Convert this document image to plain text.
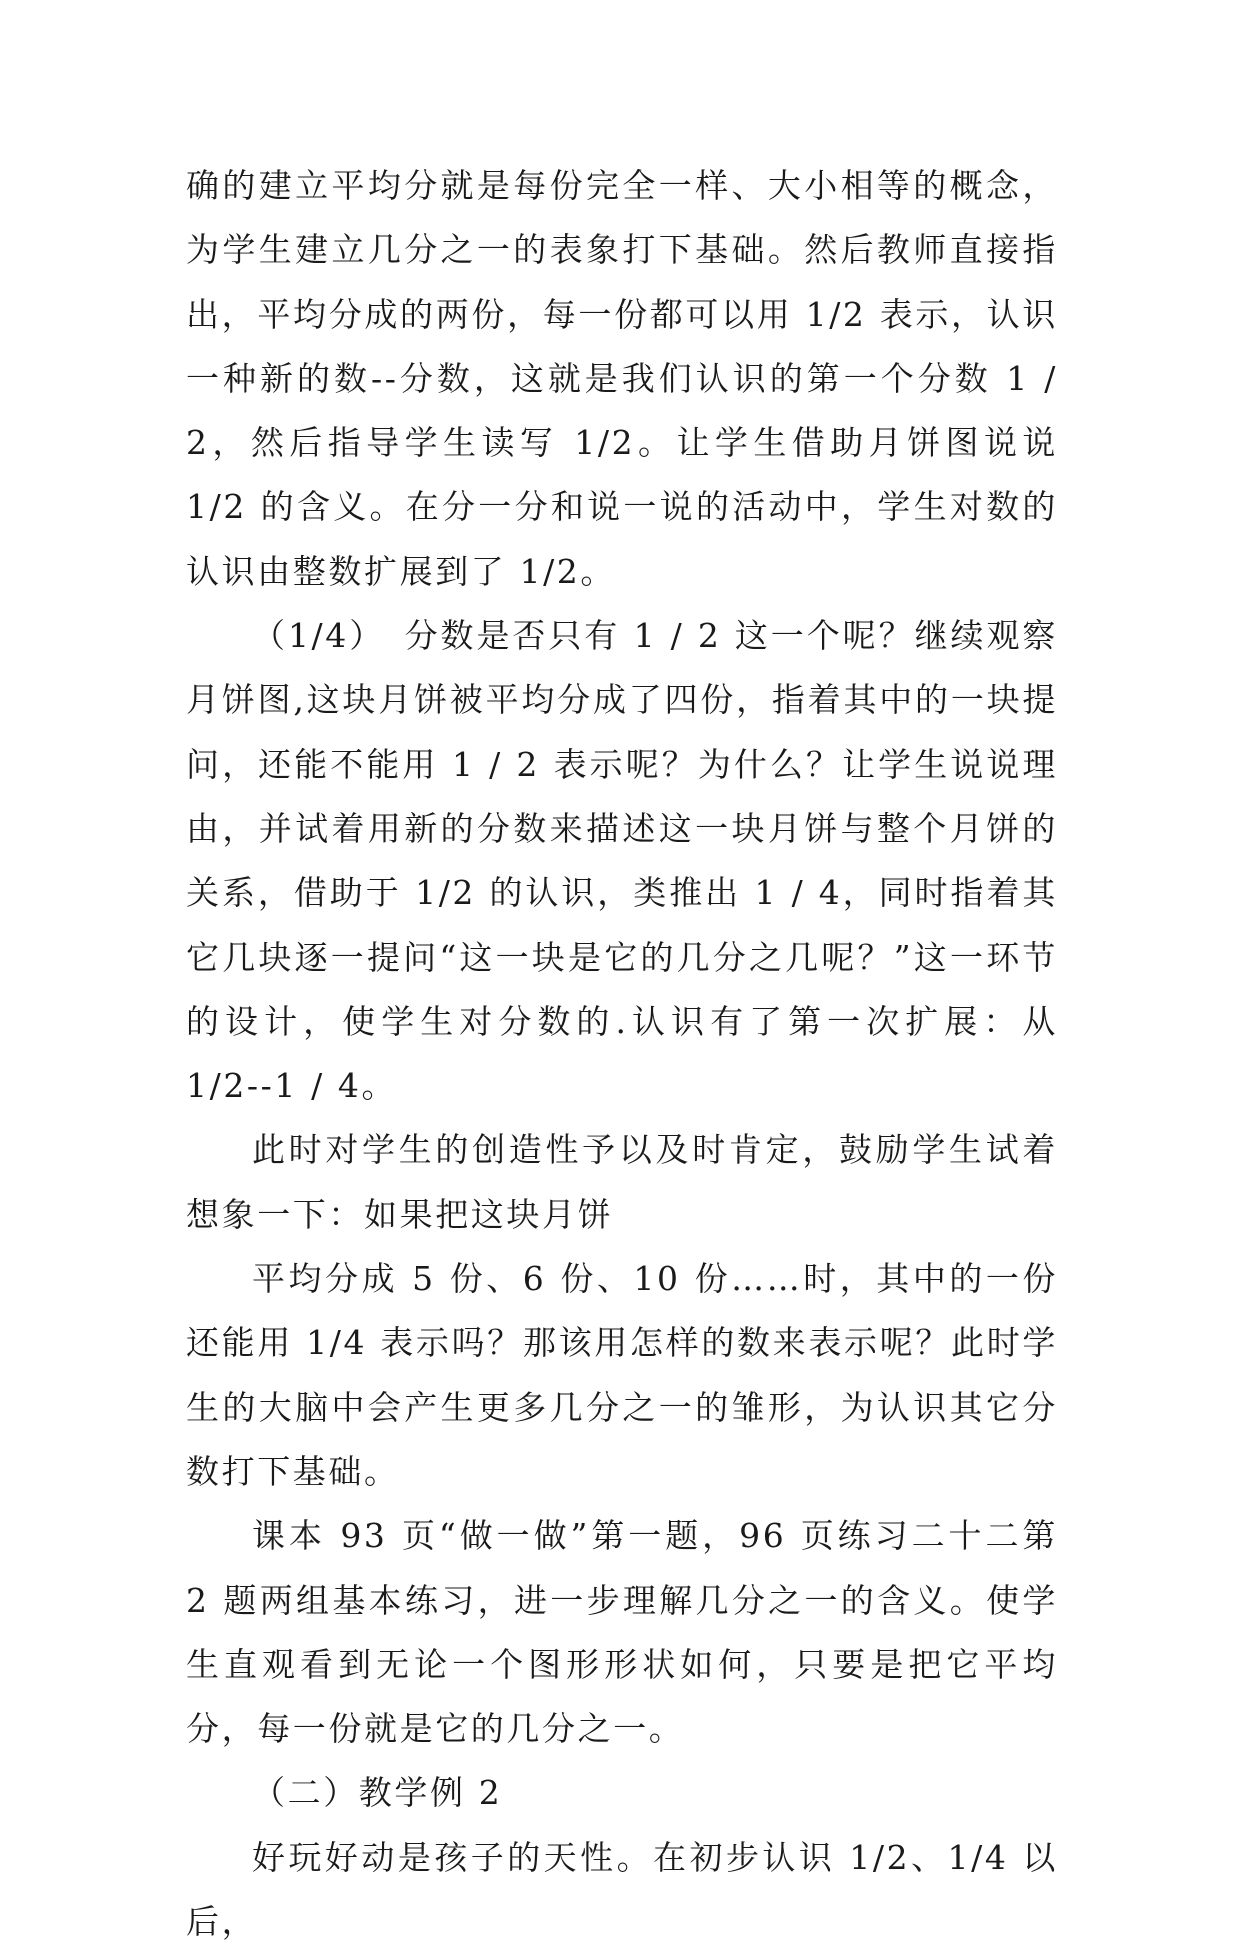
确的建立平均分就是每份完全一样、大小相等的概念，为学生建立几分之一的表象打下基础。然后教师直接指出，平均分成的两份，每一份都可以用 1/2 表示，认识一种新的数--分数，这就是我们认识的第一个分数 1 / 2，然后指导学生读写 1/2。让学生借助月饼图说说 1/2 的含义。在分一分和说一说的活动中，学生对数的认识由整数扩展到了 1/2。

（1/4）　分数是否只有 1 / 2 这一个呢？继续观察月饼图,这块月饼被平均分成了四份，指着其中的一块提问，还能不能用 1 / 2 表示呢？为什么？让学生说说理由，并试着用新的分数来描述这一块月饼与整个月饼的关系，借助于 1/2 的认识，类推出 1 / 4，同时指着其它几块逐一提问“这一块是它的几分之几呢？”这一环节的设计，使学生对分数的.认识有了第一次扩展：从 1/2--1 / 4。

此时对学生的创造性予以及时肯定，鼓励学生试着想象一下：如果把这块月饼

平均分成 5 份、6 份、10 份……时，其中的一份还能用 1/4 表示吗？那该用怎样的数来表示呢？此时学生的大脑中会产生更多几分之一的雏形，为认识其它分数打下基础。

课本 93 页“做一做”第一题，96 页练习二十二第 2 题两组基本练习，进一步理解几分之一的含义。使学生直观看到无论一个图形形状如何，只要是把它平均分，每一份就是它的几分之一。

（二）教学例 2

好玩好动是孩子的天性。在初步认识 1/2、1/4 以后，
